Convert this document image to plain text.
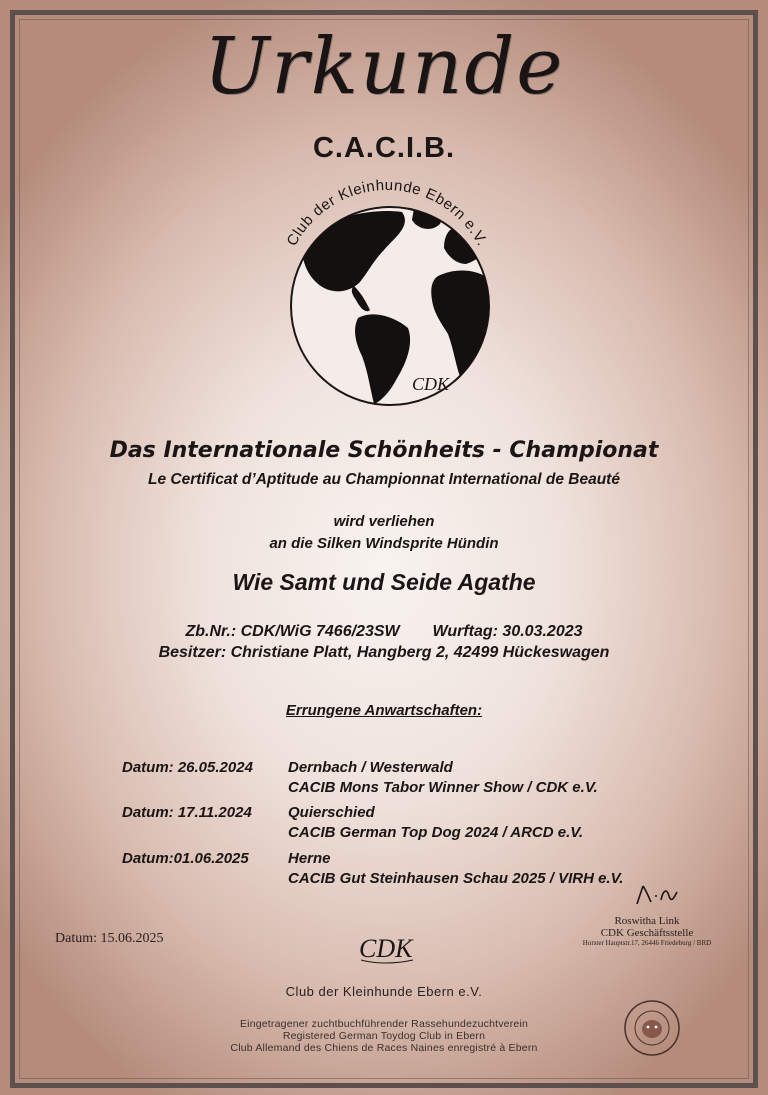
Urkunde
C.A.C.I.B.
Club der Kleinhunde Ebern e.V.
CDK
Das Internationale Schönheits - Championat
Le Certificat d’Aptitude au Championnat International de Beauté
wird verliehen
an die Silken Windsprite Hündin
Wie Samt und Seide Agathe
Zb.Nr.: CDK/WiG 7466/23SW Wurftag: 30.03.2023
Besitzer: Christiane Platt, Hangberg 2, 42499 Hückeswagen
Errungene Anwartschaften:
Datum: 26.05.2024	Dernbach / Westerwald
CACIB Mons Tabor Winner Show / CDK e.V.
Datum: 17.11.2024	Quierschied
CACIB German Top Dog 2024 / ARCD e.V.
Datum:01.06.2025	Herne
CACIB Gut Steinhausen Schau 2025 / VIRH e.V.
Datum: 15.06.2025
Roswitha Link
CDK Geschäftsstelle
Horster Hauptstr.17, 26446 Friedeburg / BRD
CDK
Club der Kleinhunde Ebern e.V.
Eingetragener zuchtbuchführender Rassehundezuchtverein
Registered German Toydog Club in Ebern
Club Allemand des Chiens de Races Naines enregistré à Ebern
